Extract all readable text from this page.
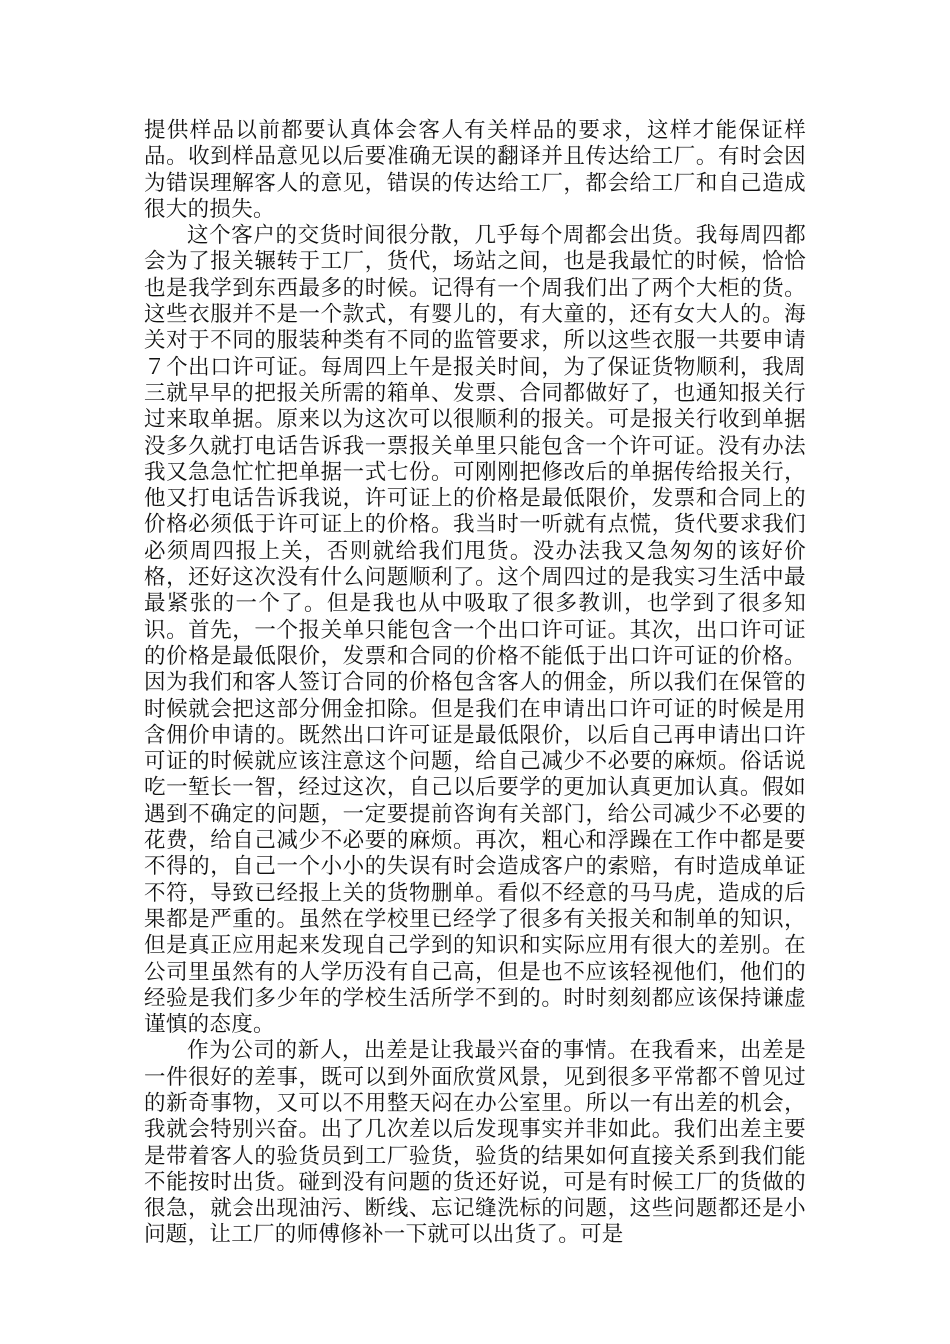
提供样品以前都要认真体会客人有关样品的要求，这样才能保证样品。收到样品意见以后要准确无误的翻译并且传达给工厂。有时会因为错误理解客人的意见，错误的传达给工厂，都会给工厂和自己造成很大的损失。

这个客户的交货时间很分散，几乎每个周都会出货。我每周四都会为了报关辗转于工厂，货代，场站之间，也是我最忙的时候，恰恰也是我学到东西最多的时候。记得有一个周我们出了两个大柜的货。这些衣服并不是一个款式，有婴儿的，有大童的，还有女大人的。海关对于不同的服装种类有不同的监管要求，所以这些衣服一共要申请７个出口许可证。每周四上午是报关时间，为了保证货物顺利，我周三就早早的把报关所需的箱单、发票、合同都做好了，也通知报关行过来取单据。原来以为这次可以很顺利的报关。可是报关行收到单据没多久就打电话告诉我一票报关单里只能包含一个许可证。没有办法我又急急忙忙把单据一式七份。可刚刚把修改后的单据传给报关行，他又打电话告诉我说，许可证上的价格是最低限价，发票和合同上的价格必须低于许可证上的价格。我当时一听就有点慌，货代要求我们必须周四报上关，否则就给我们甩货。没办法我又急匆匆的该好价格，还好这次没有什么问题顺利了。这个周四过的是我实习生活中最最紧张的一个了。但是我也从中吸取了很多教训，也学到了很多知识。首先，一个报关单只能包含一个出口许可证。其次，出口许可证的价格是最低限价，发票和合同的价格不能低于出口许可证的价格。因为我们和客人签订合同的价格包含客人的佣金，所以我们在保管的时候就会把这部分佣金扣除。但是我们在申请出口许可证的时候是用含佣价申请的。既然出口许可证是最低限价，以后自己再申请出口许可证的时候就应该注意这个问题，给自己减少不必要的麻烦。俗话说吃一堑长一智，经过这次，自己以后要学的更加认真更加认真。假如遇到不确定的问题，一定要提前咨询有关部门，给公司减少不必要的花费，给自己减少不必要的麻烦。再次，粗心和浮躁在工作中都是要不得的，自己一个小小的失误有时会造成客户的索赔，有时造成单证不符，导致已经报上关的货物删单。看似不经意的马马虎，造成的后果都是严重的。虽然在学校里已经学了很多有关报关和制单的知识，但是真正应用起来发现自己学到的知识和实际应用有很大的差别。在公司里虽然有的人学历没有自己高，但是也不应该轻视他们，他们的经验是我们多少年的学校生活所学不到的。时时刻刻都应该保持谦虚谨慎的态度。

作为公司的新人，出差是让我最兴奋的事情。在我看来，出差是一件很好的差事，既可以到外面欣赏风景，见到很多平常都不曾见过的新奇事物，又可以不用整天闷在办公室里。所以一有出差的机会，我就会特别兴奋。出了几次差以后发现事实并非如此。我们出差主要是带着客人的验货员到工厂验货，验货的结果如何直接关系到我们能不能按时出货。碰到没有问题的货还好说，可是有时候工厂的货做的很急，就会出现油污、断线、忘记缝洗标的问题，这些问题都还是小问题，让工厂的师傅修补一下就可以出货了。可是
